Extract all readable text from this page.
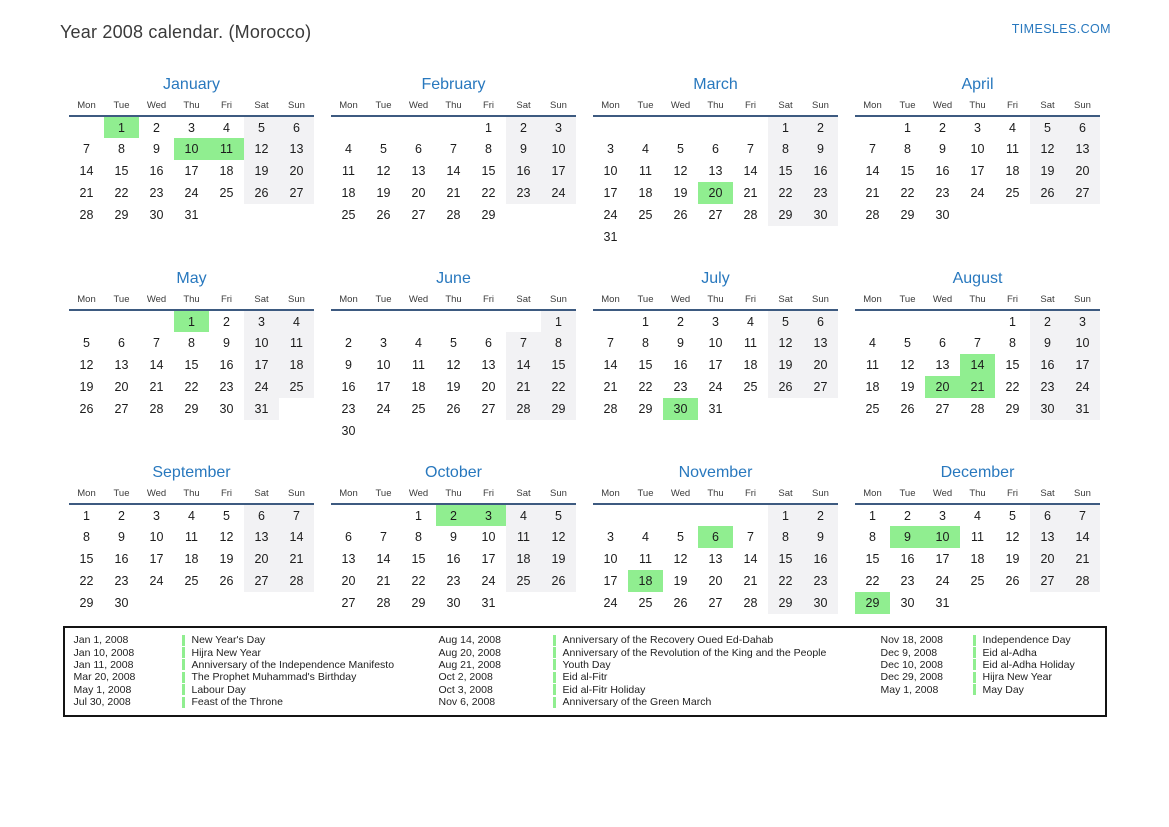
Year 2008 calendar. (Morocco)	TIMESLES.COM
January
Mon	Tue	Wed	Thu	Fri	Sat	Sun
	1	2	3	4	5	6
7	8	9	10	11	12	13
14	15	16	17	18	19	20
21	22	23	24	25	26	27
28	29	30	31			
February
Mon	Tue	Wed	Thu	Fri	Sat	Sun
				1	2	3
4	5	6	7	8	9	10
11	12	13	14	15	16	17
18	19	20	21	22	23	24
25	26	27	28	29		
March
Mon	Tue	Wed	Thu	Fri	Sat	Sun
					1	2
3	4	5	6	7	8	9
10	11	12	13	14	15	16
17	18	19	20	21	22	23
24	25	26	27	28	29	30
31						
April
Mon	Tue	Wed	Thu	Fri	Sat	Sun
	1	2	3	4	5	6
7	8	9	10	11	12	13
14	15	16	17	18	19	20
21	22	23	24	25	26	27
28	29	30				
May
Mon	Tue	Wed	Thu	Fri	Sat	Sun
			1	2	3	4
5	6	7	8	9	10	11
12	13	14	15	16	17	18
19	20	21	22	23	24	25
26	27	28	29	30	31	
June
Mon	Tue	Wed	Thu	Fri	Sat	Sun
						1
2	3	4	5	6	7	8
9	10	11	12	13	14	15
16	17	18	19	20	21	22
23	24	25	26	27	28	29
30						
July
Mon	Tue	Wed	Thu	Fri	Sat	Sun
	1	2	3	4	5	6
7	8	9	10	11	12	13
14	15	16	17	18	19	20
21	22	23	24	25	26	27
28	29	30	31			
August
Mon	Tue	Wed	Thu	Fri	Sat	Sun
				1	2	3
4	5	6	7	8	9	10
11	12	13	14	15	16	17
18	19	20	21	22	23	24
25	26	27	28	29	30	31
September
Mon	Tue	Wed	Thu	Fri	Sat	Sun
1	2	3	4	5	6	7
8	9	10	11	12	13	14
15	16	17	18	19	20	21
22	23	24	25	26	27	28
29	30					
October
Mon	Tue	Wed	Thu	Fri	Sat	Sun
		1	2	3	4	5
6	7	8	9	10	11	12
13	14	15	16	17	18	19
20	21	22	23	24	25	26
27	28	29	30	31		
November
Mon	Tue	Wed	Thu	Fri	Sat	Sun
					1	2
3	4	5	6	7	8	9
10	11	12	13	14	15	16
17	18	19	20	21	22	23
24	25	26	27	28	29	30
December
Mon	Tue	Wed	Thu	Fri	Sat	Sun
1	2	3	4	5	6	7
8	9	10	11	12	13	14
15	16	17	18	19	20	21
22	23	24	25	26	27	28
29	30	31				
Jan 1, 2008	New Year's Day
Jan 10, 2008	Hijra New Year
Jan 11, 2008	Anniversary of the Independence Manifesto
Mar 20, 2008	The Prophet Muhammad's Birthday
May 1, 2008	Labour Day
Jul 30, 2008	Feast of the Throne
Aug 14, 2008	Anniversary of the Recovery Oued Ed-Dahab
Aug 20, 2008	Anniversary of the Revolution of the King and the People
Aug 21, 2008	Youth Day
Oct 2, 2008	Eid al-Fitr
Oct 3, 2008	Eid al-Fitr Holiday
Nov 6, 2008	Anniversary of the Green March
Nov 18, 2008	Independence Day
Dec 9, 2008	Eid al-Adha
Dec 10, 2008	Eid al-Adha Holiday
Dec 29, 2008	Hijra New Year
May 1, 2008	May Day
